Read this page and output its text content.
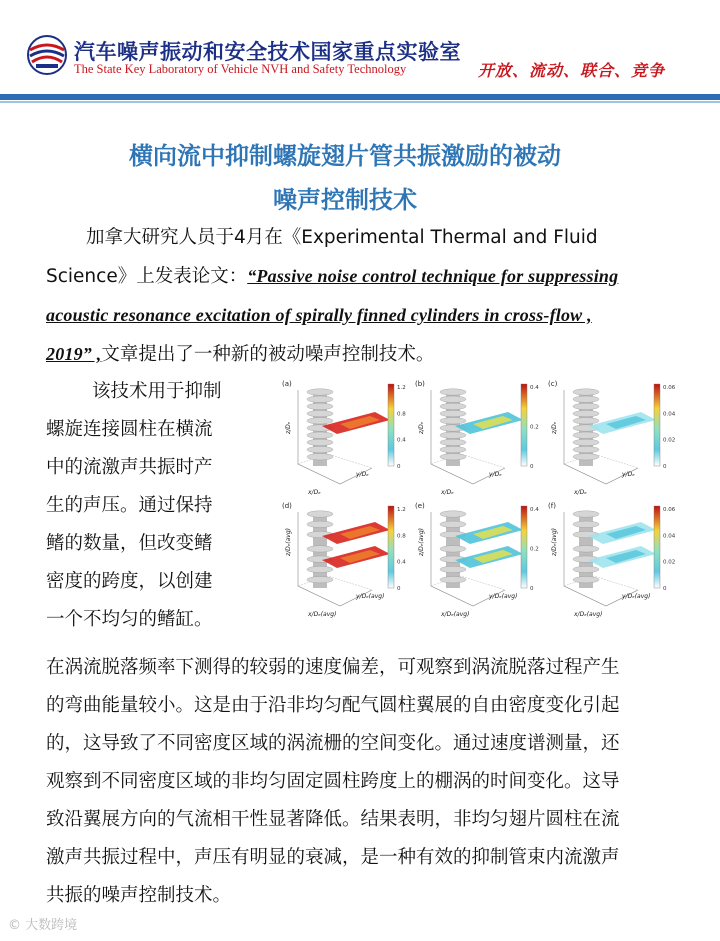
汽车噪声振动和安全技术国家重点实验室
The State Key Laboratory of Vehicle NVH and Safety Technology	开放、流动、联合、竞争
横向流中抑制螺旋翅片管共振激励的被动
噪声控制技术
加拿大研究人员于4月在《Experimental Thermal and Fluid
Science》上发表论文：“Passive noise control technique for suppressing
acoustic resonance excitation of spirally finned cylinders in cross-flow ,
2019” ,文章提出了一种新的被动噪声控制技术。
该技术用于抑制
螺旋连接圆柱在横流
中的流激声共振时产
生的声压。通过保持
鳍的数量，但改变鳍
密度的跨度，以创建
一个不均匀的鳍缸。
(a)	1.2
0.8
0.4
0
z/Dₑ
y/Dₑ
x/Dₑ
(b)	0.4
0.2
0
z/Dₑ
y/Dₑ
x/Dₑ
(c)	0.06
0.04
0.02
0
z/Dₑ
y/Dₑ
x/Dₑ
(d)	1.2
0.8
0.4
0
z/Dₑ(avg)
y/Dₑ(avg)
x/Dₑ(avg)
(e)	0.4
0.2
0
z/Dₑ(avg)
y/Dₑ(avg)
x/Dₑ(avg)
(f)	0.06
0.04
0.02
0
z/Dₑ(avg)
y/Dₑ(avg)
x/Dₑ(avg)
在涡流脱落频率下测得的较弱的速度偏差，可观察到涡流脱落过程产生
的弯曲能量较小。这是由于沿非均匀配气圆柱翼展的自由密度变化引起
的，这导致了不同密度区域的涡流栅的空间变化。通过速度谱测量，还
观察到不同密度区域的非均匀固定圆柱跨度上的棚涡的时间变化。这导
致沿翼展方向的气流相干性显著降低。结果表明，非均匀翅片圆柱在流
激声共振过程中，声压有明显的衰减，是一种有效的抑制管束内流激声
共振的噪声控制技术。
© 大数跨境
